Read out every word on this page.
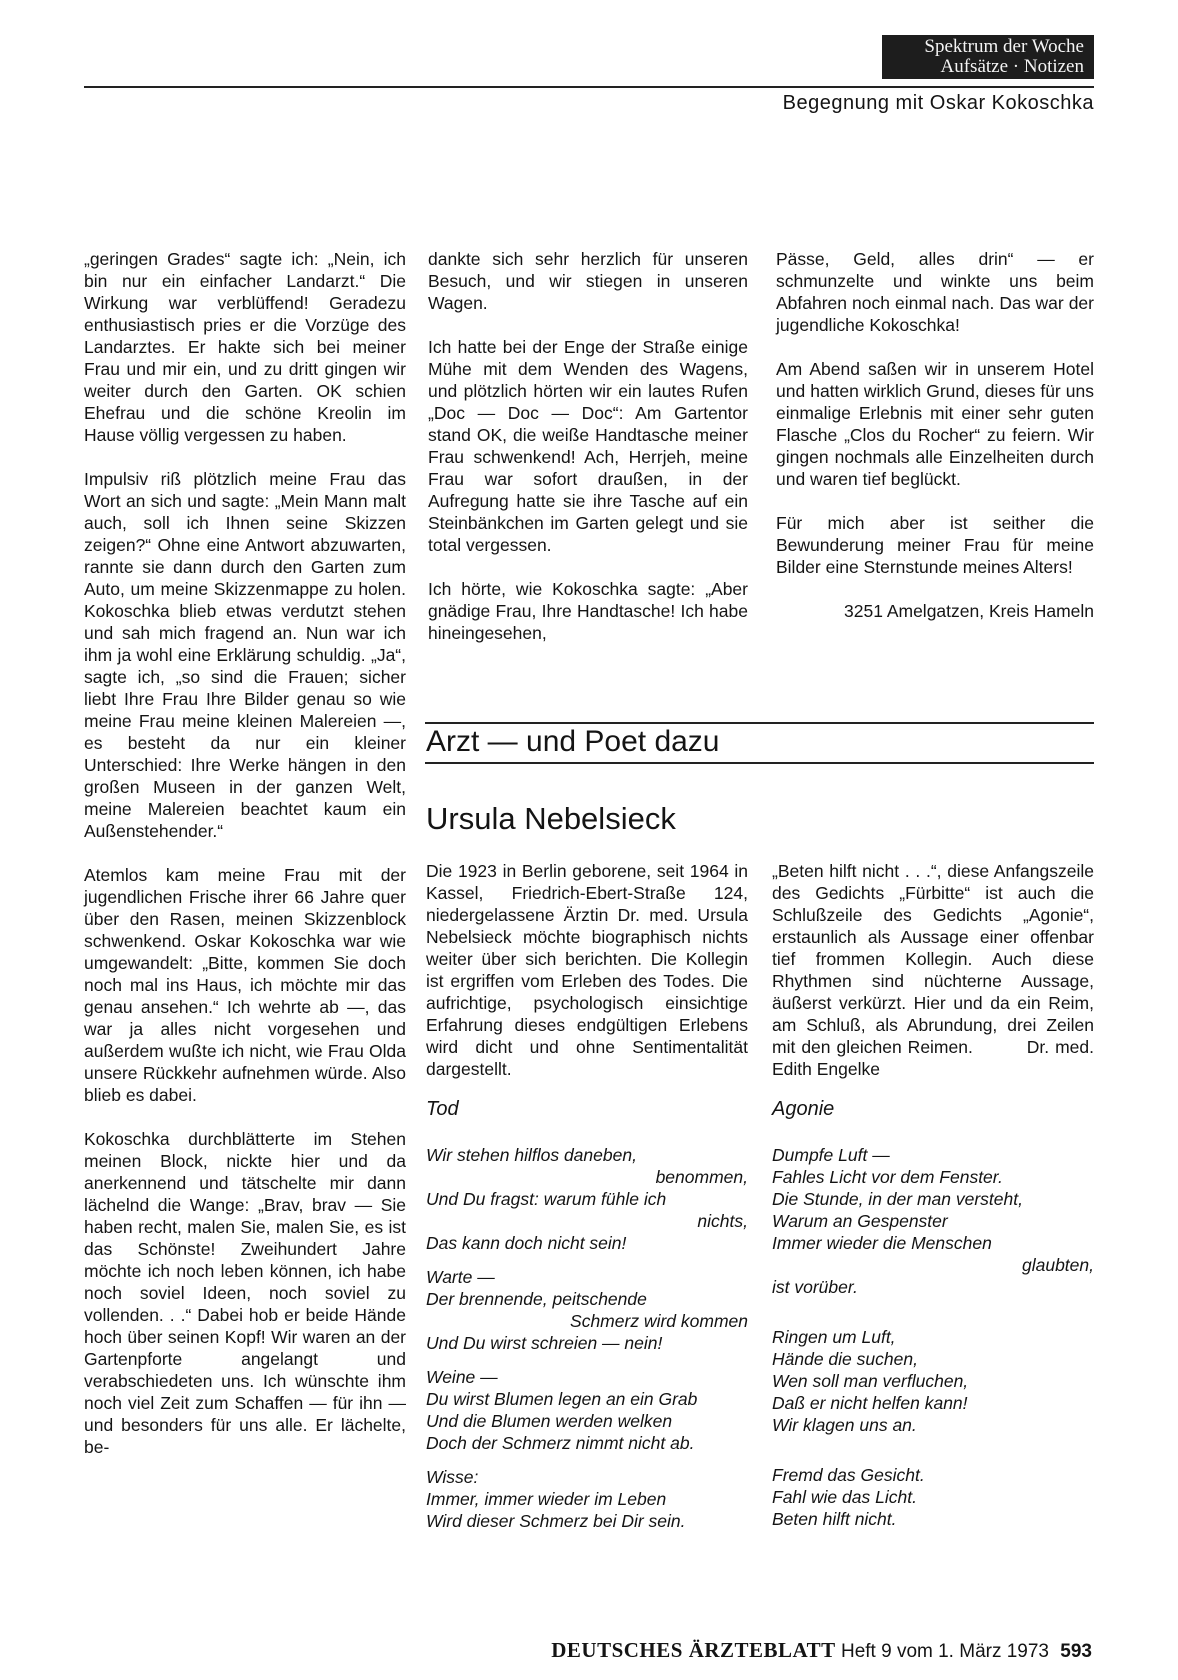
Spektrum der Woche
Aufsätze · Notizen
Begegnung mit Oskar Kokoschka

„geringen Grades“ sagte ich: „Nein, ich bin nur ein einfacher Landarzt.“ Die Wirkung war verblüffend! Geradezu enthusiastisch pries er die Vorzüge des Landarztes. Er hakte sich bei meiner Frau und mir ein, und zu dritt gingen wir weiter durch den Garten. OK schien Ehefrau und die schöne Kreolin im Hause völlig vergessen zu haben.

Impulsiv riß plötzlich meine Frau das Wort an sich und sagte: „Mein Mann malt auch, soll ich Ihnen seine Skizzen zeigen?“ Ohne eine Antwort abzuwarten, rannte sie dann durch den Garten zum Auto, um meine Skizzenmappe zu holen. Kokoschka blieb etwas verdutzt stehen und sah mich fragend an. Nun war ich ihm ja wohl eine Erklärung schuldig. „Ja“, sagte ich, „so sind die Frauen; sicher liebt Ihre Frau Ihre Bilder genau so wie meine Frau meine kleinen Malereien —, es besteht da nur ein kleiner Unterschied: Ihre Werke hängen in den großen Museen in der ganzen Welt, meine Malereien beachtet kaum ein Außenstehender.“

Atemlos kam meine Frau mit der jugendlichen Frische ihrer 66 Jahre quer über den Rasen, meinen Skizzenblock schwenkend. Oskar Kokoschka war wie umgewandelt: „Bitte, kommen Sie doch noch mal ins Haus, ich möchte mir das genau ansehen.“ Ich wehrte ab —, das war ja alles nicht vorgesehen und außerdem wußte ich nicht, wie Frau Olda unsere Rückkehr aufnehmen würde. Also blieb es dabei.

Kokoschka durchblätterte im Stehen meinen Block, nickte hier und da anerkennend und tätschelte mir dann lächelnd die Wange: „Brav, brav — Sie haben recht, malen Sie, malen Sie, es ist das Schönste! Zweihundert Jahre möchte ich noch leben können, ich habe noch soviel Ideen, noch soviel zu vollenden. . .“ Dabei hob er beide Hände hoch über seinen Kopf! Wir waren an der Gartenpforte angelangt und verabschiedeten uns. Ich wünschte ihm noch viel Zeit zum Schaffen — für ihn — und besonders für uns alle. Er lächelte, be-

dankte sich sehr herzlich für unseren Besuch, und wir stiegen in unseren Wagen.

Ich hatte bei der Enge der Straße einige Mühe mit dem Wenden des Wagens, und plötzlich hörten wir ein lautes Rufen „Doc — Doc — Doc“: Am Gartentor stand OK, die weiße Handtasche meiner Frau schwenkend! Ach, Herrjeh, meine Frau war sofort draußen, in der Aufregung hatte sie ihre Tasche auf ein Steinbänkchen im Garten gelegt und sie total vergessen.

Ich hörte, wie Kokoschka sagte: „Aber gnädige Frau, Ihre Handtasche! Ich habe hineingesehen,

Pässe, Geld, alles drin“ — er schmunzelte und winkte uns beim Abfahren noch einmal nach. Das war der jugendliche Kokoschka!

Am Abend saßen wir in unserem Hotel und hatten wirklich Grund, dieses für uns einmalige Erlebnis mit einer sehr guten Flasche „Clos du Rocher“ zu feiern. Wir gingen nochmals alle Einzelheiten durch und waren tief beglückt.

Für mich aber ist seither die Bewunderung meiner Frau für meine Bilder eine Sternstunde meines Alters!

3251 Amelgatzen, Kreis Hameln

Arzt — und Poet dazu
Ursula Nebelsieck

Die 1923 in Berlin geborene, seit 1964 in Kassel, Friedrich-Ebert-Straße 124, niedergelassene Ärztin Dr. med. Ursula Nebelsieck möchte biographisch nichts weiter über sich berichten. Die Kollegin ist ergriffen vom Erleben des Todes. Die aufrichtige, psychologisch einsichtige Erfahrung dieses endgültigen Erlebens wird dicht und ohne Sentimentalität dargestellt.

Tod

Wir stehen hilflos daneben,

benommen,

Und Du fragst: warum fühle ich

nichts,

Das kann doch nicht sein!

Warte —

Der brennende, peitschende

Schmerz wird kommen

Und Du wirst schreien — nein!

Weine —

Du wirst Blumen legen an ein Grab

Und die Blumen werden welken

Doch der Schmerz nimmt nicht ab.

Wisse:

Immer, immer wieder im Leben

Wird dieser Schmerz bei Dir sein.

„Beten hilft nicht . . .“, diese Anfangszeile des Gedichts „Fürbitte“ ist auch die Schlußzeile des Gedichts „Agonie“, erstaunlich als Aussage einer offenbar tief frommen Kollegin. Auch diese Rhythmen sind nüchterne Aussage, äußerst verkürzt. Hier und da ein Reim, am Schluß, als Abrundung, drei Zeilen mit den gleichen Reimen.	Dr. med. Edith Engelke

Agonie

Dumpfe Luft —

Fahles Licht vor dem Fenster.

Die Stunde, in der man versteht,

Warum an Gespenster

Immer wieder die Menschen

glaubten,

ist vorüber.

Ringen um Luft,

Hände die suchen,

Wen soll man verfluchen,

Daß er nicht helfen kann!

Wir klagen uns an.

Fremd das Gesicht.

Fahl wie das Licht.

Beten hilft nicht.

DEUTSCHES ÄRZTEBLATT Heft 9 vom 1. März 1973 593
